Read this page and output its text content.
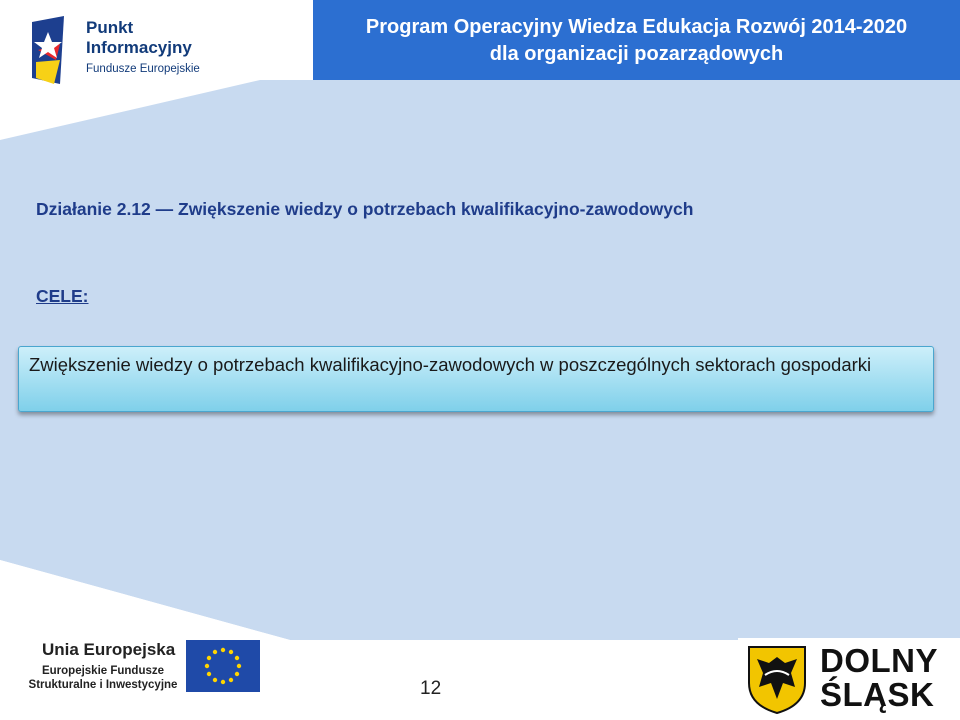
Program Operacyjny Wiedza Edukacja Rozwój 2014-2020
dla organizacji pozarządowych
Punkt
Informacyjny
Fundusze Europejskie
Działanie 2.12 — Zwiększenie wiedzy o potrzebach kwalifikacyjno-zawodowych
CELE:
Zwiększenie wiedzy o potrzebach kwalifikacyjno-zawodowych w poszczególnych sektorach gospodarki
Unia Europejska
Europejskie Fundusze
Strukturalne i Inwestycyjne	12
DOLNY
ŚLĄSK
